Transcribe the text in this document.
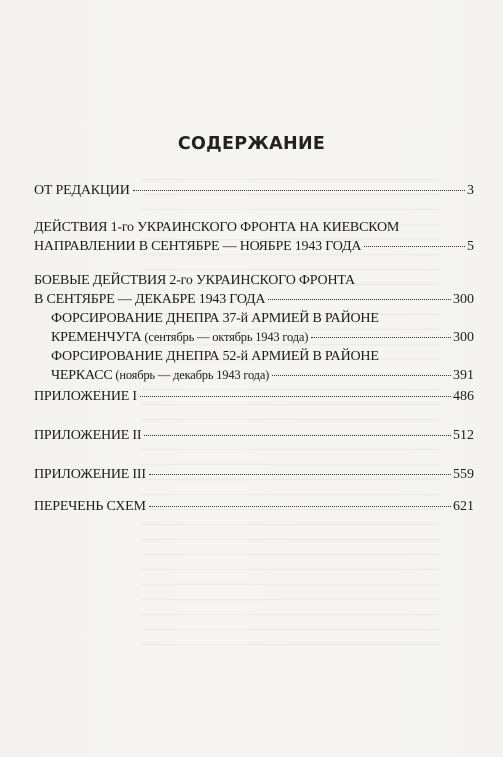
СОДЕРЖАНИЕ
ОТ РЕДАКЦИИ	3
ДЕЙСТВИЯ 1-го УКРАИНСКОГО ФРОНТА НА КИЕВСКОМ
НАПРАВЛЕНИИ В СЕНТЯБРЕ — НОЯБРЕ 1943 ГОДА	5
БОЕВЫЕ ДЕЙСТВИЯ 2-го УКРАИНСКОГО ФРОНТА
В СЕНТЯБРЕ — ДЕКАБРЕ 1943 ГОДА	300
ФОРСИРОВАНИЕ ДНЕПРА 37-й АРМИЕЙ В РАЙОНЕ
КРЕМЕНЧУГА (сентябрь — октябрь 1943 года)	300
ФОРСИРОВАНИЕ ДНЕПРА 52-й АРМИЕЙ В РАЙОНЕ
ЧЕРКАСС (ноябрь — декабрь 1943 года)	391
ПРИЛОЖЕНИЕ I	486
ПРИЛОЖЕНИЕ II	512
ПРИЛОЖЕНИЕ III	559
ПЕРЕЧЕНЬ СХЕМ	621
